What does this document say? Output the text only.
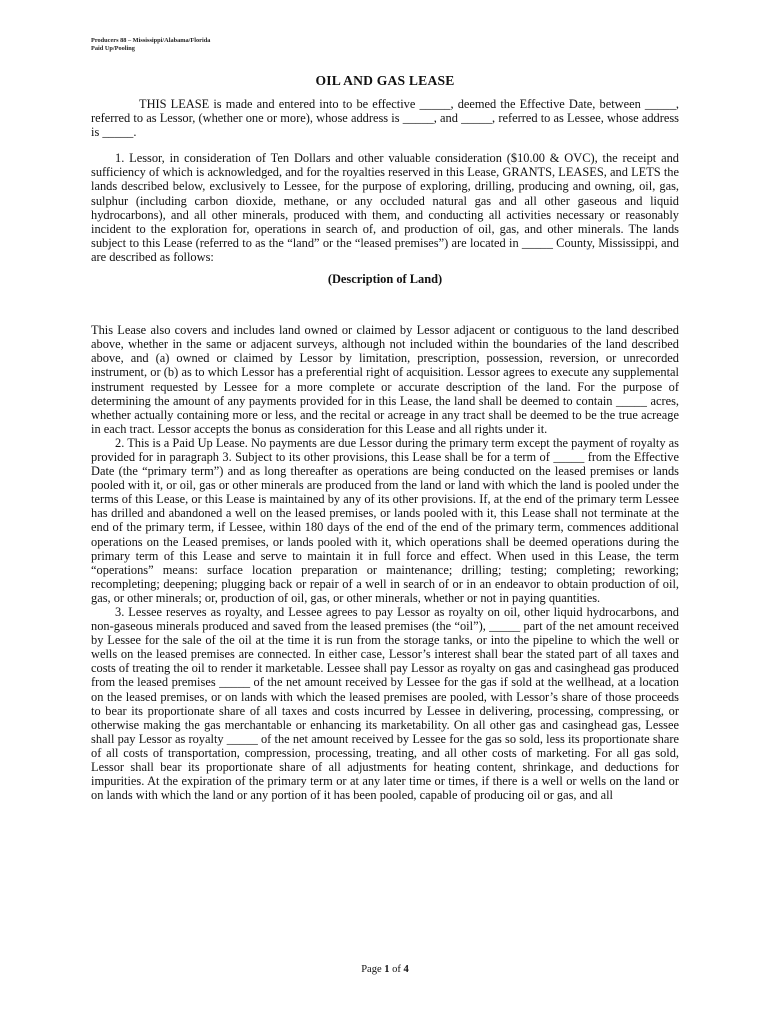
Producers 88 – Mississippi/Alabama/Florida
Paid Up/Pooling
OIL AND GAS LEASE

THIS LEASE is made and entered into to be effective _____, deemed the Effective Date, between _____, referred to as Lessor, (whether one or more), whose address is _____, and _____, referred to as Lessee, whose address is _____.

1. Lessor, in consideration of Ten Dollars and other valuable consideration ($10.00 & OVC), the receipt and sufficiency of which is acknowledged, and for the royalties reserved in this Lease, GRANTS, LEASES, and LETS the lands described below, exclusively to Lessee, for the purpose of exploring, drilling, producing and owning, oil, gas, sulphur (including carbon dioxide, methane, or any occluded natural gas and all other gaseous and liquid hydrocarbons), and all other minerals, produced with them, and conducting all activities necessary or reasonably incident to the exploration for, operations in search of, and production of oil, gas, and other minerals. The lands subject to this Lease (referred to as the “land” or the “leased premises”) are located in _____ County, Mississippi, and are described as follows:

(Description of Land)

This Lease also covers and includes land owned or claimed by Lessor adjacent or contiguous to the land described above, whether in the same or adjacent surveys, although not included within the boundaries of the land described above, and (a) owned or claimed by Lessor by limitation, prescription, possession, reversion, or unrecorded instrument, or (b) as to which Lessor has a preferential right of acquisition. Lessor agrees to execute any supplemental instrument requested by Lessee for a more complete or accurate description of the land. For the purpose of determining the amount of any payments provided for in this Lease, the land shall be deemed to contain _____ acres, whether actually containing more or less, and the recital or acreage in any tract shall be deemed to be the true acreage in each tract. Lessor accepts the bonus as consideration for this Lease and all rights under it.

2. This is a Paid Up Lease. No payments are due Lessor during the primary term except the payment of royalty as provided for in paragraph 3. Subject to its other provisions, this Lease shall be for a term of _____ from the Effective Date (the “primary term”) and as long thereafter as operations are being conducted on the leased premises or lands pooled with it, or oil, gas or other minerals are produced from the land or land with which the land is pooled under the terms of this Lease, or this Lease is maintained by any of its other provisions. If, at the end of the primary term Lessee has drilled and abandoned a well on the leased premises, or lands pooled with it, this Lease shall not terminate at the end of the primary term, if Lessee, within 180 days of the end of the end of the primary term, commences additional operations on the Leased premises, or lands pooled with it, which operations shall be deemed operations during the primary term of this Lease and serve to maintain it in full force and effect. When used in this Lease, the term “operations” means: surface location preparation or maintenance; drilling; testing; completing; reworking; recompleting; deepening; plugging back or repair of a well in search of or in an endeavor to obtain production of oil, gas, or other minerals; or, production of oil, gas, or other minerals, whether or not in paying quantities.

3. Lessee reserves as royalty, and Lessee agrees to pay Lessor as royalty on oil, other liquid hydrocarbons, and non-gaseous minerals produced and saved from the leased premises (the “oil”), _____ part of the net amount received by Lessee for the sale of the oil at the time it is run from the storage tanks, or into the pipeline to which the well or wells on the leased premises are connected. In either case, Lessor’s interest shall bear the stated part of all taxes and costs of treating the oil to render it marketable. Lessee shall pay Lessor as royalty on gas and casinghead gas produced from the leased premises _____ of the net amount received by Lessee for the gas if sold at the wellhead, at a location on the leased premises, or on lands with which the leased premises are pooled, with Lessor’s share of those proceeds to bear its proportionate share of all taxes and costs incurred by Lessee in delivering, processing, compressing, or otherwise making the gas merchantable or enhancing its marketability. On all other gas and casinghead gas, Lessee shall pay Lessor as royalty _____ of the net amount received by Lessee for the gas so sold, less its proportionate share of all costs of transportation, compression, processing, treating, and all other costs of marketing. For all gas sold, Lessor shall bear its proportionate share of all adjustments for heating content, shrinkage, and deductions for impurities. At the expiration of the primary term or at any later time or times, if there is a well or wells on the land or on lands with which the land or any portion of it has been pooled, capable of producing oil or gas, and all

Page 1 of 4
